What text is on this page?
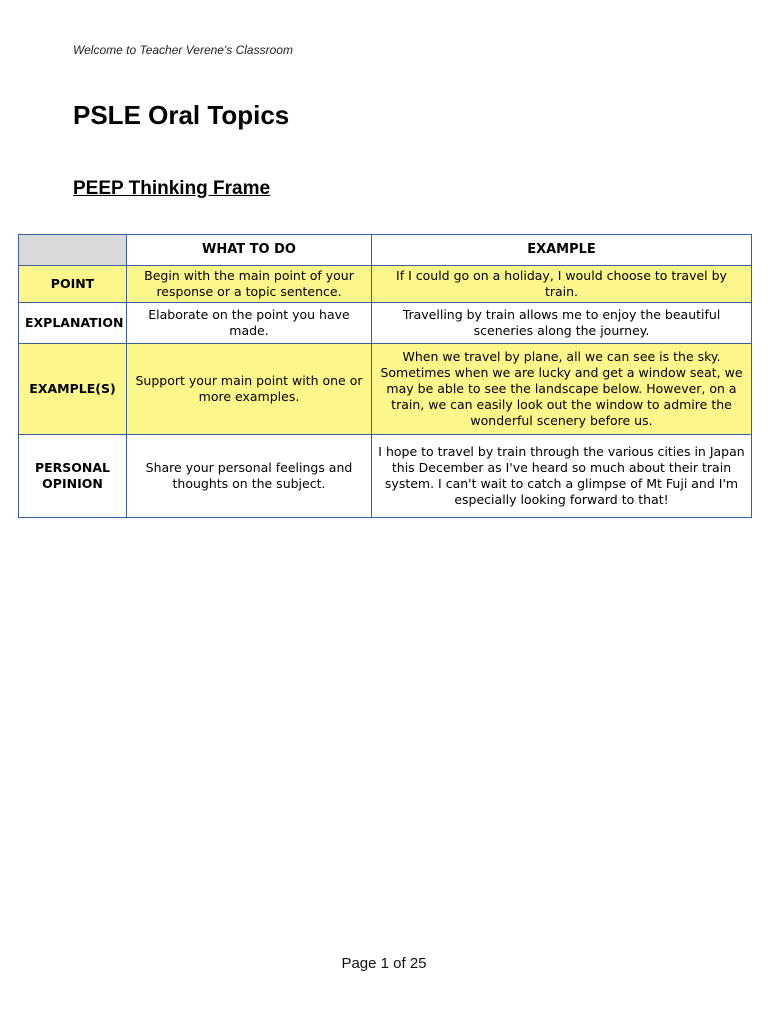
Welcome to Teacher Verene's Classroom
PSLE Oral Topics
PEEP Thinking Frame
	WHAT TO DO	EXAMPLE
POINT	Begin with the main point of your response or a topic sentence.	If I could go on a holiday, I would choose to travel by train.
EXPLANATION	Elaborate on the point you have made.	Travelling by train allows me to enjoy the beautiful sceneries along the journey.
EXAMPLE(S)	Support your main point with one or more examples.	When we travel by plane, all we can see is the sky. Sometimes when we are lucky and get a window seat, we may be able to see the landscape below. However, on a train, we can easily look out the window to admire the wonderful scenery before us.
PERSONAL OPINION	Share your personal feelings and thoughts on the subject.	I hope to travel by train through the various cities in Japan this December as I've heard so much about their train system. I can't wait to catch a glimpse of Mt Fuji and I'm especially looking forward to that!
Page 1 of 25
